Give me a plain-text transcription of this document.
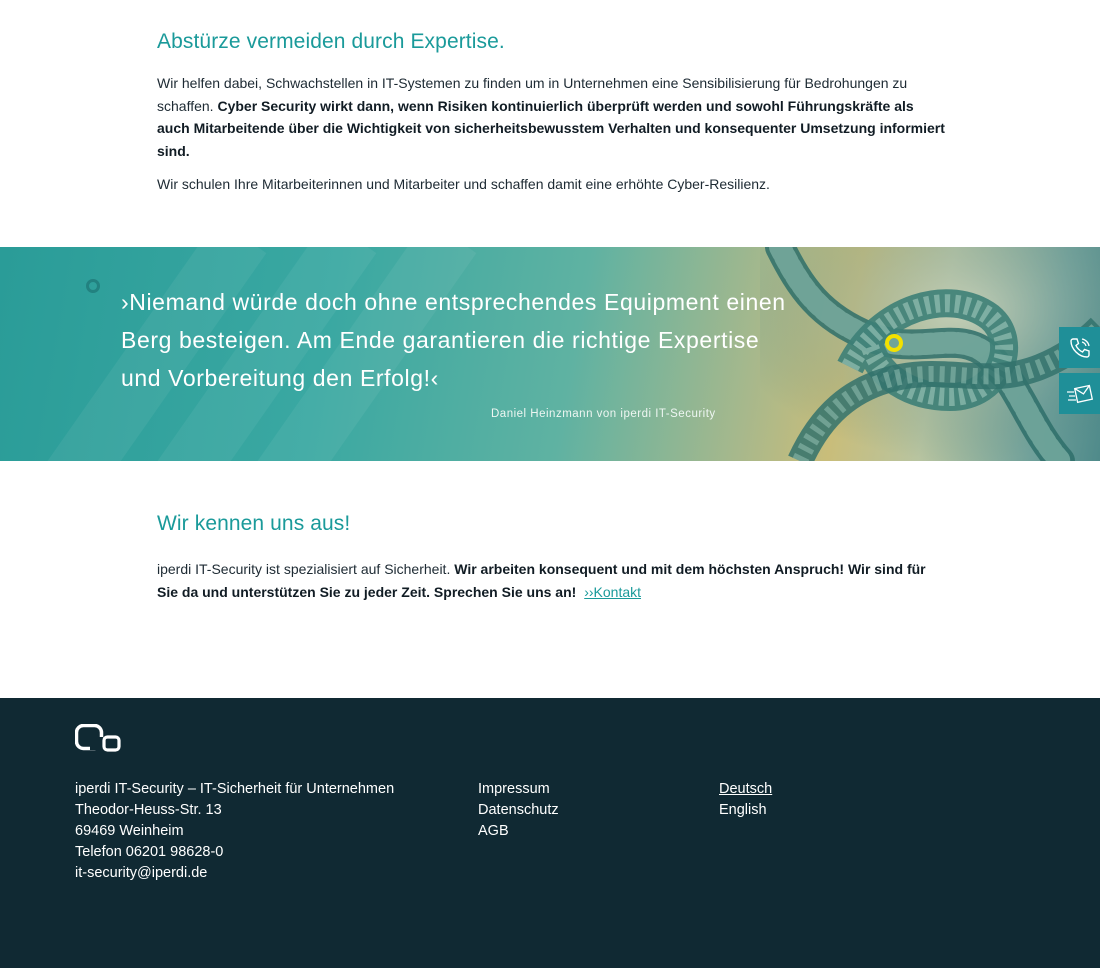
Abstürze vermeiden durch Expertise.

Wir helfen dabei, Schwachstellen in IT-Systemen zu finden um in Unternehmen eine Sensibilisierung für Bedrohungen zu schaffen. Cyber Security wirkt dann, wenn Risiken kontinuierlich überprüft werden und sowohl Führungskräfte als auch Mitarbeitende über die Wichtigkeit von sicherheitsbewusstem Verhalten und konsequenter Umsetzung informiert sind.

Wir schulen Ihre Mitarbeiterinnen und Mitarbeiter und schaffen damit eine erhöhte Cyber-Resilienz.

›Niemand würde doch ohne entsprechendes Equipment einen Berg besteigen. Am Ende garantieren die richtige Expertise und Vorbereitung den Erfolg!‹
Daniel Heinzmann von iperdi IT-Security
Wir kennen uns aus!

iperdi IT-Security ist spezialisiert auf Sicherheit. Wir arbeiten konsequent und mit dem höchsten Anspruch! Wir sind für Sie da und unterstützen Sie zu jeder Zeit. Sprechen Sie uns an! ››Kontakt

iperdi IT-Security – IT-Sicherheit für Unternehmen
Theodor-Heuss-Str. 13
69469 Weinheim
Telefon 06201 98628-0
it-security@iperdi.de
Impressum
Datenschutz
AGB
Deutsch
English
